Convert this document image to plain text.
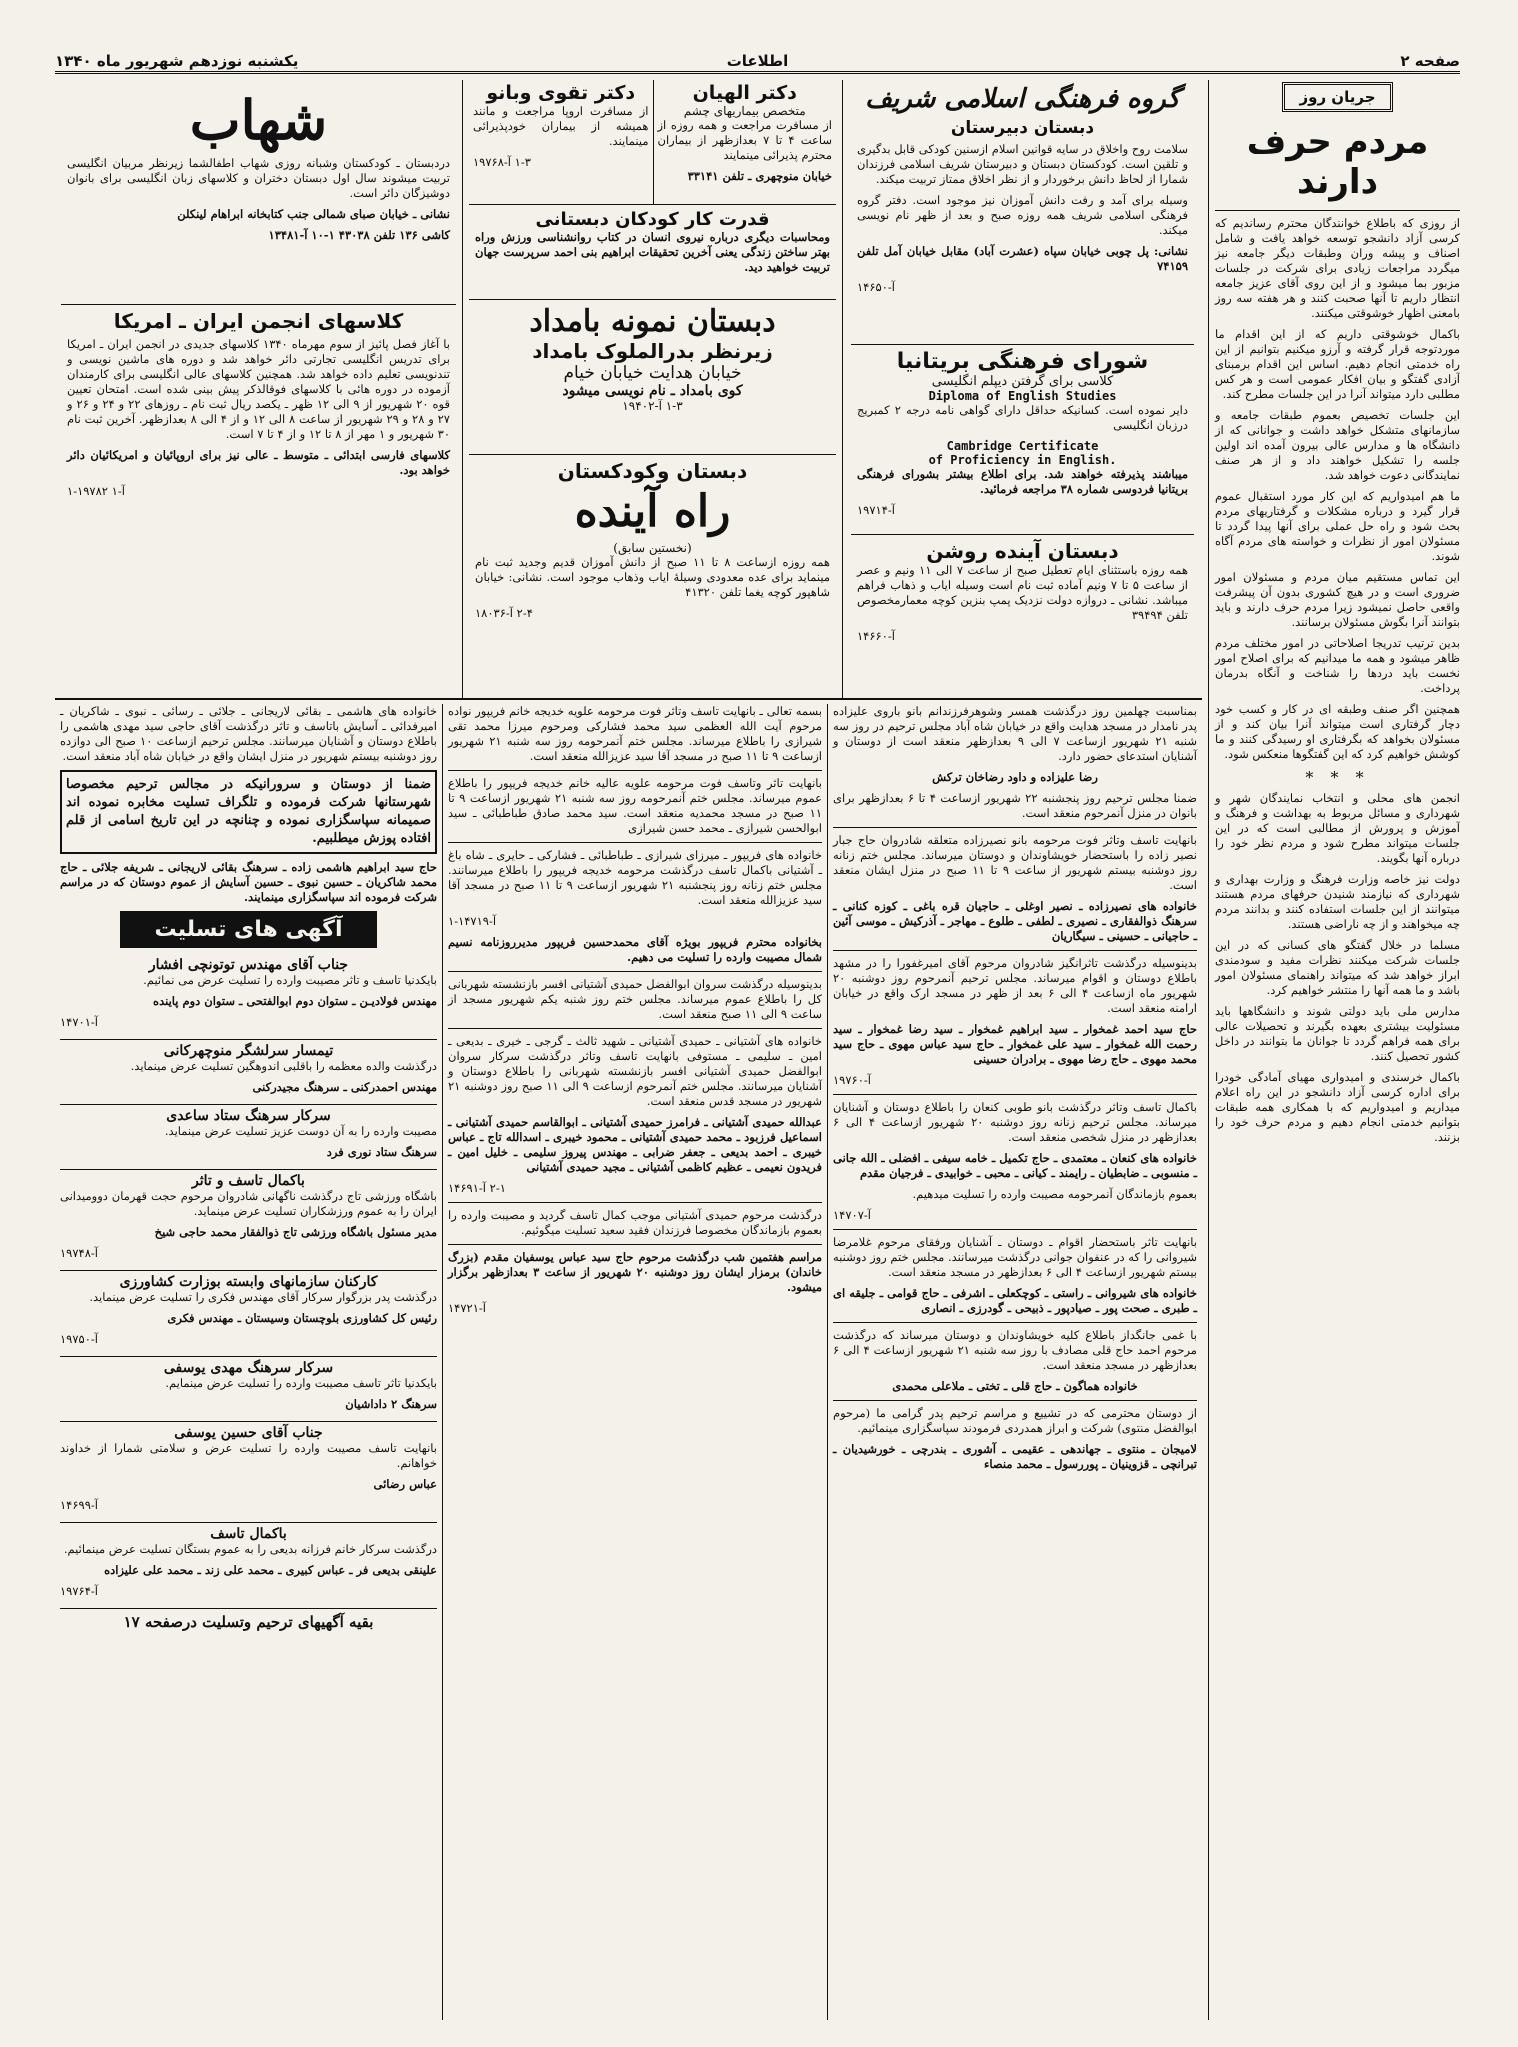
صفحه ۲
اطلاعات
یکشنبه نوزدهم شهریور ماه ۱۳۴۰
جریان روز
مردم حرف دارند
از روزی که باطلاع خوانندگان محترم رساندیم که کرسی آزاد دانشجو توسعه خواهد یافت و شامل اصناف و پیشه وران وطبقات دیگر جامعه نیز میگردد مراجعات زیادی برای شرکت در جلسات مزبور بما میشود و از این روی آقای عزیز جامعه انتظار داریم تا آنها صحبت کنند و هر هفته سه روز بامعنی اظهار خوشوقتی میکنند.
باکمال خوشوقتی داریم که از این اقدام ما موردتوجه قرار گرفته و آرزو میکنیم بتوانیم از این راه خدمتی انجام دهیم. اساس این اقدام برمبنای آزادی گفتگو و بیان افکار عمومی است و هر کس مطلبی دارد میتواند آنرا در این جلسات مطرح کند.
این جلسات تخصیص بعموم طبقات جامعه و سازمانهای متشکل خواهد داشت و جوانانی که از دانشگاه ها و مدارس عالی بیرون آمده اند اولین جلسه را تشکیل خواهند داد و از هر صنف نمایندگانی دعوت خواهد شد.
ما هم امیدواریم که این کار مورد استقبال عموم قرار گیرد و درباره مشکلات و گرفتاریهای مردم بحث شود و راه حل عملی برای آنها پیدا گردد تا مسئولان امور از نظرات و خواسته های مردم آگاه شوند.
این تماس مستقیم میان مردم و مسئولان امور ضروری است و در هیچ کشوری بدون آن پیشرفت واقعی حاصل نمیشود زیرا مردم حرف دارند و باید بتوانند آنرا بگوش مسئولان برسانند.
بدین ترتیب تدریجا اصلاحاتی در امور مختلف مردم ظاهر میشود و همه ما میدانیم که برای اصلاح امور نخست باید دردها را شناخت و آنگاه بدرمان پرداخت.
همچنین اگر صنف وطبقه ای در کار و کسب خود دچار گرفتاری است میتواند آنرا بیان کند و از مسئولان بخواهد که بگرفتاری او رسیدگی کنند و ما کوشش خواهیم کرد که این گفتگوها منعکس شود.
* * *
انجمن های محلی و انتخاب نمایندگان شهر و شهرداری و مسائل مربوط به بهداشت و فرهنگ و آموزش و پرورش از مطالبی است که در این جلسات میتواند مطرح شود و مردم نظر خود را درباره آنها بگویند.
دولت نیز خاصه وزارت فرهنگ و وزارت بهداری و شهرداری که نیازمند شنیدن حرفهای مردم هستند میتوانند از این جلسات استفاده کنند و بدانند مردم چه میخواهند و از چه ناراضی هستند.
مسلما در خلال گفتگو های کسانی که در این جلسات شرکت میکنند نظرات مفید و سودمندی ابراز خواهد شد که میتواند راهنمای مسئولان امور باشد و ما همه آنها را منتشر خواهیم کرد.
مدارس ملی باید دولتی شوند و دانشگاهها باید مسئولیت بیشتری بعهده بگیرند و تحصیلات عالی برای همه فراهم گردد تا جوانان ما بتوانند در داخل کشور تحصیل کنند.
باکمال خرسندی و امیدواری مهیای آمادگی خودرا برای اداره کرسی آزاد دانشجو در این راه اعلام میداریم و امیدواریم که با همکاری همه طبقات بتوانیم خدمتی انجام دهیم و مردم حرف خود را بزنند.
گروه فرهنگی اسلامی شریف
دبستان دبیرستان
سلامت روح واخلاق در سایه قوانین اسلام ازسنین کودکی قابل بدگیری و تلقین است. کودکستان دبستان و دبیرستان شریف اسلامی فرزندان شمارا از لحاظ دانش برخوردار و از نظر اخلاق ممتاز تربیت میکند.
وسیله برای آمد و رفت دانش آموزان نیز موجود است. دفتر گروه فرهنگی اسلامی شریف همه روزه صبح و بعد از ظهر نام نویسی میکند.
نشانی: پل چوبی خیابان سپاه (عشرت آباد) مقابل خیابان آمل تلفن ۷۴۱۵۹
آ-۱۴۶۵۰
شورای فرهنگی بریتانیا
کلاسی برای گرفتن دیپلم انگلیسی
Diploma of English Studies
دایر نموده است. کسانیکه حداقل دارای گواهی نامه درجه ۲ کمبریج درزبان انگلیسی
Cambridge Certificate
of Proficiency in English.
میباشند پذیرفته خواهند شد. برای اطلاع بیشتر بشورای فرهنگی بریتانیا فردوسی شماره ۳۸ مراجعه فرمائید.
آ-۱۹۷۱۴
دبستان آینده روشن
همه روزه باستثنای ایام تعطیل صبح از ساعت ۷ الی ۱۱ ونیم و عصر از ساعت ۵ تا ۷ ونیم آماده ثبت نام است وسیله ایاب و ذهاب فراهم میباشد. نشانی ـ دروازه دولت نزدیک پمپ بنزین کوچه معمارمخصوص تلفن ۳۹۴۹۴
آ-۱۴۶۶۰
دکتر الهیان
متخصص بیماریهای چشم
از مسافرت مراجعت و همه روزه از ساعت ۴ تا ۷ بعدازظهر از بیماران محترم پذیرائی مینمایند
خیابان منوچهری ـ تلفن ۳۳۱۴۱
دکتر تقوی وبانو
از مسافرت اروپا مراجعت و مانند همیشه از بیماران خودپذیرائی مینمایند.
۱-۳ آ-۱۹۷۶۸
قدرت کار کودکان دبستانی
ومحاسبات دیگری درباره نیروی انسان در کتاب روانشناسی ورزش وراه بهتر ساختن زندگی یعنی آخرین تحقیقات ابراهیم بنی احمد سرپرست جهان تربیت خواهید دید.
دبستان نمونه بامداد
زیرنظر بدرالملوک بامداد
خیابان هدایت خیابان خیام
کوی بامداد ـ نام نویسی میشود
۱-۳ آ-۱۹۴۰۲
دبستان وکودکستان
راه آینده
(نخستین سابق)
همه روزه ازساعت ۸ تا ۱۱ صبح از دانش آموزان قدیم وجدید ثبت نام مینماید برای عده معدودی وسیلهٔ ایاب وذهاب موجود است. نشانی: خیابان شاهپور کوچه یغما تلفن ۴۱۳۲۰
۲-۴ آ-۱۸۰۳۶
شهاب
دردبستان ـ کودکستان وشبانه روزی شهاب اطفالشما زیرنظر مربیان انگلیسی تربیت میشوند سال اول دبستان دختران و کلاسهای زبان انگلیسی برای بانوان دوشیزگان دائر است.
نشانی ـ خیابان صبای شمالی جنب کتابخانه ابراهام لینکلن
کاشی ۱۳۶ تلفن ۴۳۰۳۸ ۱-۱۰ آ-۱۳۴۸۱
کلاسهای انجمن ایران ـ امریکا
با آغاز فصل پائیز از سوم مهرماه ۱۳۴۰ کلاسهای جدیدی در انجمن ایران ـ امریکا برای تدریس انگلیسی تجارتی دائر خواهد شد و دوره های ماشین نویسی و تندنویسی تعلیم داده خواهد شد. همچنین کلاسهای عالی انگلیسی برای کارمندان آزموده در دوره هائی با کلاسهای فوقالذکر پیش بینی شده است. امتحان تعیین قوه ۲۰ شهریور از ۹ الی ۱۲ ظهر ـ یکصد ریال ثبت نام ـ روزهای ۲۲ و ۲۴ و ۲۶ و ۲۷ و ۲۸ و ۲۹ شهریور از ساعت ۸ الی ۱۲ و از ۴ الی ۸ بعدازظهر. آخرین ثبت نام ۳۰ شهریور و ۱ مهر از ۸ تا ۱۲ و از ۴ تا ۷ است.
کلاسهای فارسی ابتدائی ـ متوسط ـ عالی نیز برای اروپائیان و امریکائیان دائر خواهد بود.
آ-۱ ۱۹۷۸۲-۱
بمناسبت چهلمین روز درگذشت همسر وشوهرفرزندانم بانو باروی علیزاده پدر نامدار در مسجد هدایت واقع در خیابان شاه آباد مجلس ترحیم در روز سه شنبه ۲۱ شهریور ازساعت ۷ الی ۹ بعدازظهر منعقد است از دوستان و آشنایان استدعای حضور دارد.
رضا علیزاده و داود رضاخان ترکش
ضمنا مجلس ترحیم روز پنجشنبه ۲۲ شهریور ازساعت ۴ تا ۶ بعدازظهر برای بانوان در منزل آنمرحوم منعقد است.
بانهایت تاسف وتاثر فوت مرحومه بانو نصیرزاده متعلقه شادروان حاج جبار نصیر زاده را باستحضار خویشاوندان و دوستان میرساند. مجلس ختم زنانه روز دوشنبه بیستم شهریور از ساعت ۹ تا ۱۱ صبح در منزل ایشان منعقد است.
خانواده های نصیرزاده ـ نصیر اوغلی ـ حاجیان قره باغی ـ کوزه کنانی ـ سرهنگ ذوالفقاری ـ نصیری ـ لطفی ـ طلوع ـ مهاجر ـ آذرکیش ـ موسی آئین ـ حاجیانی ـ حسینی ـ سیگاریان
بدینوسیله درگذشت تاثرانگیز شادروان مرحوم آقای امیرغفورا را در مشهد باطلاع دوستان و اقوام میرساند. مجلس ترحیم آنمرحوم روز دوشنبه ۲۰ شهریور ماه ازساعت ۴ الی ۶ بعد از ظهر در مسجد ارک واقع در خیابان ارامنه منعقد است.
حاج سید احمد غمخوار ـ سید ابراهیم غمخوار ـ سید رضا غمخوار ـ سید رحمت الله غمخوار ـ سید علی غمخوار ـ حاج سید عباس مهوی ـ حاج سید محمد مهوی ـ حاج رضا مهوی ـ برادران حسینی
آ-۱۹۷۶۰
باکمال تاسف وتاثر درگذشت بانو طوبی کنعان را باطلاع دوستان و آشنایان میرساند. مجلس ترحیم زنانه روز دوشنبه ۲۰ شهریور ازساعت ۴ الی ۶ بعدازظهر در منزل شخصی منعقد است.
خانواده های کنعان ـ معتمدی ـ حاج تکمیل ـ خامه سیفی ـ افضلی ـ الله جانی ـ منسوبی ـ ضابطیان ـ رایمند ـ کیانی ـ محبی ـ خوابیدی ـ فرجیان مقدم
بعموم بازماندگان آنمرحومه مصیبت وارده را تسلیت میدهیم.
آ-۱۴۷۰۷
بانهایت تاثر باستحضار اقوام ـ دوستان ـ آشنایان ورفقای مرحوم غلامرضا شیروانی را که در عنفوان جوانی درگذشت میرسانند. مجلس ختم روز دوشنبه بیستم شهریور ازساعت ۴ الی ۶ بعدازظهر در مسجد منعقد است.
خانواده های شیروانی ـ راستی ـ کوچکعلی ـ اشرفی ـ حاج قوامی ـ جلیقه ای ـ طبری ـ صحت پور ـ صیادپور ـ ذبیحی ـ گودرزی ـ انصاری
با غمی جانگداز باطلاع کلیه خویشاوندان و دوستان میرساند که درگذشت مرحوم احمد حاج قلی مصادف با روز سه شنبه ۲۱ شهریور ازساعت ۴ الی ۶ بعدازظهر در مسجد منعقد است.
خانواده هماگون ـ حاج قلی ـ تختی ـ ملاعلی محمدی
از دوستان محترمی که در تشییع و مراسم ترحیم پدر گرامی ما (مرحوم ابوالفضل منتوی) شرکت و ابراز همدردی فرمودند سپاسگزاری مینمائیم.
لامیجان ـ منتوی ـ جهاندهی ـ عقیمی ـ آشوری ـ بندرچی ـ خورشیدیان ـ تبرانچی ـ قزوینیان ـ پوررسول ـ محمد منصاء
بسمه تعالی ـ بانهایت تاسف وتاثر فوت مرحومه علویه خدیجه خانم فریپور نواده مرحوم آیت الله العظمی سید محمد فشارکی ومرحوم میرزا محمد تقی شیرازی را باطلاع میرساند. مجلس ختم آنمرحومه روز سه شنبه ۲۱ شهریور ازساعت ۹ تا ۱۱ صبح در مسجد آقا سید عزیزالله منعقد است.
بانهایت تاثر وتاسف فوت مرحومه علویه عالیه خانم خدیجه فریپور را باطلاع عموم میرساند. مجلس ختم آنمرحومه روز سه شنبه ۲۱ شهریور ازساعت ۹ تا ۱۱ صبح در مسجد محمدیه منعقد است. سید محمد صادق طباطبائی ـ سید ابوالحسن شیرازی ـ محمد حسن شیرازی
خانواده های فریپور ـ میرزای شیرازی ـ طباطبائی ـ فشارکی ـ حایری ـ شاه باغ ـ آشتیانی باکمال تاسف درگذشت مرحومه خدیجه فریپور را باطلاع میرسانند. مجلس ختم زنانه روز پنجشنبه ۲۱ شهریور ازساعت ۹ تا ۱۱ صبح در مسجد آقا سید عزیزالله منعقد است.
آ-۱۴۷۱۹-۱
بخانواده محترم فریپور بویژه آقای محمدحسین فریپور مدیرروزنامه نسیم شمال مصیبت وارده را تسلیت می دهیم.
بدینوسیله درگذشت سروان ابوالفضل حمیدی آشتیانی افسر بازنشسته شهربانی کل را باطلاع عموم میرساند. مجلس ختم روز شنبه یکم شهریور مسجد از ساعت ۹ الی ۱۱ صبح منعقد است.
خانواده های آشتیانی ـ حمیدی آشتیانی ـ شهید ثالث ـ گرجی ـ خیری ـ بدیعی ـ امین ـ سلیمی ـ مستوفی بانهایت تاسف وتاثر درگذشت سرکار سروان ابوالفضل حمیدی آشتیانی افسر بازنشسته شهربانی را باطلاع دوستان و آشنایان میرسانند. مجلس ختم آنمرحوم ازساعت ۹ الی ۱۱ صبح روز دوشنبه ۲۱ شهریور در مسجد قدس منعقد است.
عبدالله حمیدی آشتیانی ـ فرامرز حمیدی آشتیانی ـ ابوالقاسم حمیدی آشتیانی ـ اسماعیل فرزبود ـ محمد حمیدی آشتیانی ـ محمود خیبری ـ اسدالله تاج ـ عباس خیبری ـ احمد بدیعی ـ جعفر ضرابی ـ مهندس پیروز سلیمی ـ خلیل امین ـ فریدون نعیمی ـ عظیم کاظمی آشتیانی ـ مجید حمیدی آشتیانی
۲-۱ آ-۱۴۶۹۱
درگذشت مرحوم حمیدی آشتیانی موجب کمال تاسف گردید و مصیبت وارده را بعموم بازماندگان مخصوصا فرزندان فقید سعید تسلیت میگوئیم.
مراسم هفتمین شب درگذشت مرحوم حاج سید عباس یوسفیان مقدم (بزرگ خاندان) برمزار ایشان روز دوشنبه ۲۰ شهریور از ساعت ۳ بعدازظهر برگزار میشود.
آ-۱۴۷۲۱
خانواده های هاشمی ـ بقائی لاریجانی ـ جلائی ـ رسائی ـ نبوی ـ شاکریان ـ امیرفدائی ـ آسایش باتاسف و تاثر درگذشت آقای حاجی سید مهدی هاشمی را باطلاع دوستان و آشنایان میرسانند. مجلس ترحیم ازساعت ۱۰ صبح الی دوازده روز دوشنبه بیستم شهریور در منزل ایشان واقع در خیابان شاه آباد منعقد است.
ضمنا از دوستان و سرورانیکه در مجالس ترحیم مخصوصا شهرستانها شرکت فرموده و تلگراف تسلیت مخابره نموده اند صمیمانه سپاسگزاری نموده و چنانچه در این تاریخ اسامی از قلم افتاده پوزش میطلبیم.
حاج سید ابراهیم هاشمی زاده ـ سرهنگ بقائی لاریجانی ـ شریفه جلائی ـ حاج محمد شاکریان ـ حسین نبوی ـ حسین آسایش از عموم دوستان که در مراسم شرکت فرموده اند سپاسگزاری مینمایند.
آگهی های تسلیت
جناب آقای مهندس توتونچی افشار
بایکدنیا تاسف و تاثر مصیبت وارده را تسلیت عرض می نمائیم.
مهندس فولادیـن ـ ستوان دوم ابوالفتحی ـ ستوان دوم پاینده
آ-۱۴۷۰۱
تیمسار سرلشگر منوچهرکانی
درگذشت والده معظمه را باقلبی اندوهگین تسلیت عرض مینماید.
مهندس احمدرکنی ـ سرهنگ مجیدرکنی
سرکار سرهنگ ستاد ساعدی
مصیبت وارده را به آن دوست عزیز تسلیت عرض مینماید.
سرهنگ ستاد نوری فرد
باکمال تاسف و تاثر
باشگاه ورزشی تاج درگذشت ناگهانی شادروان مرحوم حجت قهرمان دوومیدانی ایران را به عموم ورزشکاران تسلیت عرض مینماید.
مدیر مسئول باشگاه ورزشی تاج ذوالفقار محمد حاجی شیخ
آ-۱۹۷۴۸
کارکنان سازمانهای وابسته بوزارت کشاورزی
درگذشت پدر بزرگوار سرکار آقای مهندس فکری را تسلیت عرض مینماید.
رئیس کل کشاورزی بلوچستان وسیستان ـ مهندس فکری
آ-۱۹۷۵۰
سرکار سرهنگ مهدی یوسفی
بایکدنیا تاثر تاسف مصیبت وارده را تسلیت عرض مینمایم.
سرهنگ ۲ داداشیان
جناب آقای حسین یوسفی
بانهایت تاسف مصیبت وارده را تسلیت عرض و سلامتی شمارا از خداوند خواهانم.
عباس رضائی
آ-۱۴۶۹۹
باکمال تاسف
درگذشت سرکار خانم فرزانه بدیعی را به عموم بستگان تسلیت عرض مینمائیم.
علینقی بدیعی فر ـ عباس کبیری ـ محمد علی زند ـ محمد علی علیزاده
آ-۱۹۷۶۴
بقیه آگهیهای ترحیم وتسلیت درصفحه ۱۷
